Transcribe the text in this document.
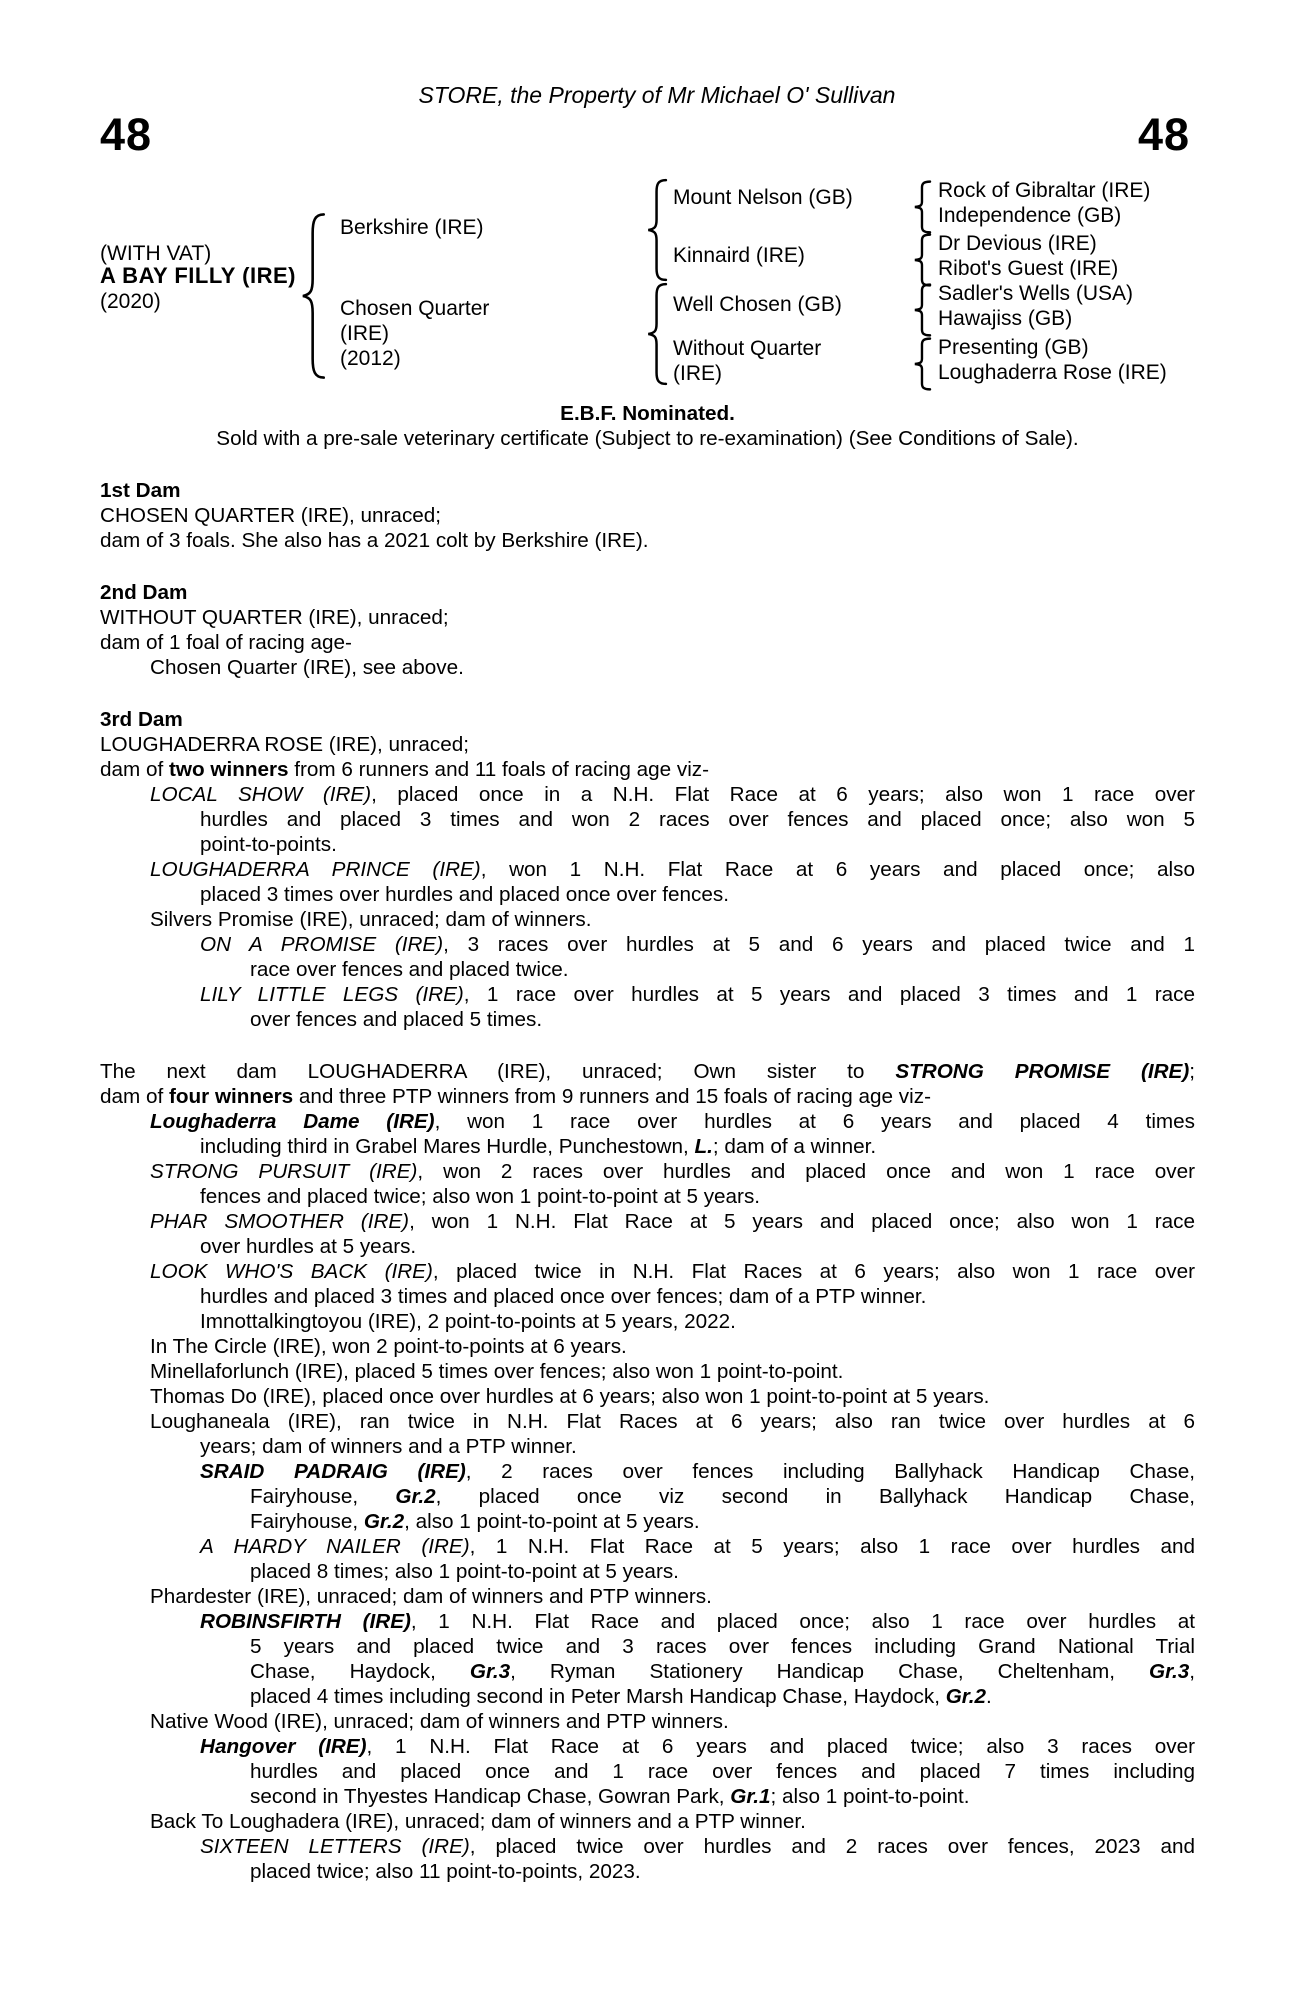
STORE, the Property of Mr Michael O' Sullivan
48	48
(WITH VAT)
A BAY FILLY (IRE)
(2020)
Berkshire (IRE)
Chosen Quarter
(IRE)
(2012)
Mount Nelson (GB)
Kinnaird (IRE)
Well Chosen (GB)
Without Quarter
(IRE)
Rock of Gibraltar (IRE)
Independence (GB)
Dr Devious (IRE)
Ribot's Guest (IRE)
Sadler's Wells (USA)
Hawajiss (GB)
Presenting (GB)
Loughaderra Rose (IRE)
E.B.F. Nominated.
Sold with a pre-sale veterinary certificate (Subject to re-examination) (See Conditions of Sale).
1st Dam
CHOSEN QUARTER (IRE), unraced;
dam of 3 foals. She also has a 2021 colt by Berkshire (IRE).
2nd Dam
WITHOUT QUARTER (IRE), unraced;
dam of 1 foal of racing age-
Chosen Quarter (IRE), see above.
3rd Dam
LOUGHADERRA ROSE (IRE), unraced;
dam of two winners from 6 runners and 11 foals of racing age viz-
LOCAL SHOW (IRE), placed once in a N.H. Flat Race at 6 years; also won 1 race over
hurdles and placed 3 times and won 2 races over fences and placed once; also won 5
point-to-points.
LOUGHADERRA PRINCE (IRE), won 1 N.H. Flat Race at 6 years and placed once; also
placed 3 times over hurdles and placed once over fences.
Silvers Promise (IRE), unraced; dam of winners.
ON A PROMISE (IRE), 3 races over hurdles at 5 and 6 years and placed twice and 1
race over fences and placed twice.
LILY LITTLE LEGS (IRE), 1 race over hurdles at 5 years and placed 3 times and 1 race
over fences and placed 5 times.
The next dam LOUGHADERRA (IRE), unraced; Own sister to STRONG PROMISE (IRE);
dam of four winners and three PTP winners from 9 runners and 15 foals of racing age viz-
Loughaderra Dame (IRE), won 1 race over hurdles at 6 years and placed 4 times
including third in Grabel Mares Hurdle, Punchestown, L.; dam of a winner.
STRONG PURSUIT (IRE), won 2 races over hurdles and placed once and won 1 race over
fences and placed twice; also won 1 point-to-point at 5 years.
PHAR SMOOTHER (IRE), won 1 N.H. Flat Race at 5 years and placed once; also won 1 race
over hurdles at 5 years.
LOOK WHO'S BACK (IRE), placed twice in N.H. Flat Races at 6 years; also won 1 race over
hurdles and placed 3 times and placed once over fences; dam of a PTP winner.
Imnottalkingtoyou (IRE), 2 point-to-points at 5 years, 2022.
In The Circle (IRE), won 2 point-to-points at 6 years.
Minellaforlunch (IRE), placed 5 times over fences; also won 1 point-to-point.
Thomas Do (IRE), placed once over hurdles at 6 years; also won 1 point-to-point at 5 years.
Loughaneala (IRE), ran twice in N.H. Flat Races at 6 years; also ran twice over hurdles at 6
years; dam of winners and a PTP winner.
SRAID PADRAIG (IRE), 2 races over fences including Ballyhack Handicap Chase,
Fairyhouse, Gr.2, placed once viz second in Ballyhack Handicap Chase,
Fairyhouse, Gr.2, also 1 point-to-point at 5 years.
A HARDY NAILER (IRE), 1 N.H. Flat Race at 5 years; also 1 race over hurdles and
placed 8 times; also 1 point-to-point at 5 years.
Phardester (IRE), unraced; dam of winners and PTP winners.
ROBINSFIRTH (IRE), 1 N.H. Flat Race and placed once; also 1 race over hurdles at
5 years and placed twice and 3 races over fences including Grand National Trial
Chase, Haydock, Gr.3, Ryman Stationery Handicap Chase, Cheltenham, Gr.3,
placed 4 times including second in Peter Marsh Handicap Chase, Haydock, Gr.2.
Native Wood (IRE), unraced; dam of winners and PTP winners.
Hangover (IRE), 1 N.H. Flat Race at 6 years and placed twice; also 3 races over
hurdles and placed once and 1 race over fences and placed 7 times including
second in Thyestes Handicap Chase, Gowran Park, Gr.1; also 1 point-to-point.
Back To Loughadera (IRE), unraced; dam of winners and a PTP winner.
SIXTEEN LETTERS (IRE), placed twice over hurdles and 2 races over fences, 2023 and
placed twice; also 11 point-to-points, 2023.
